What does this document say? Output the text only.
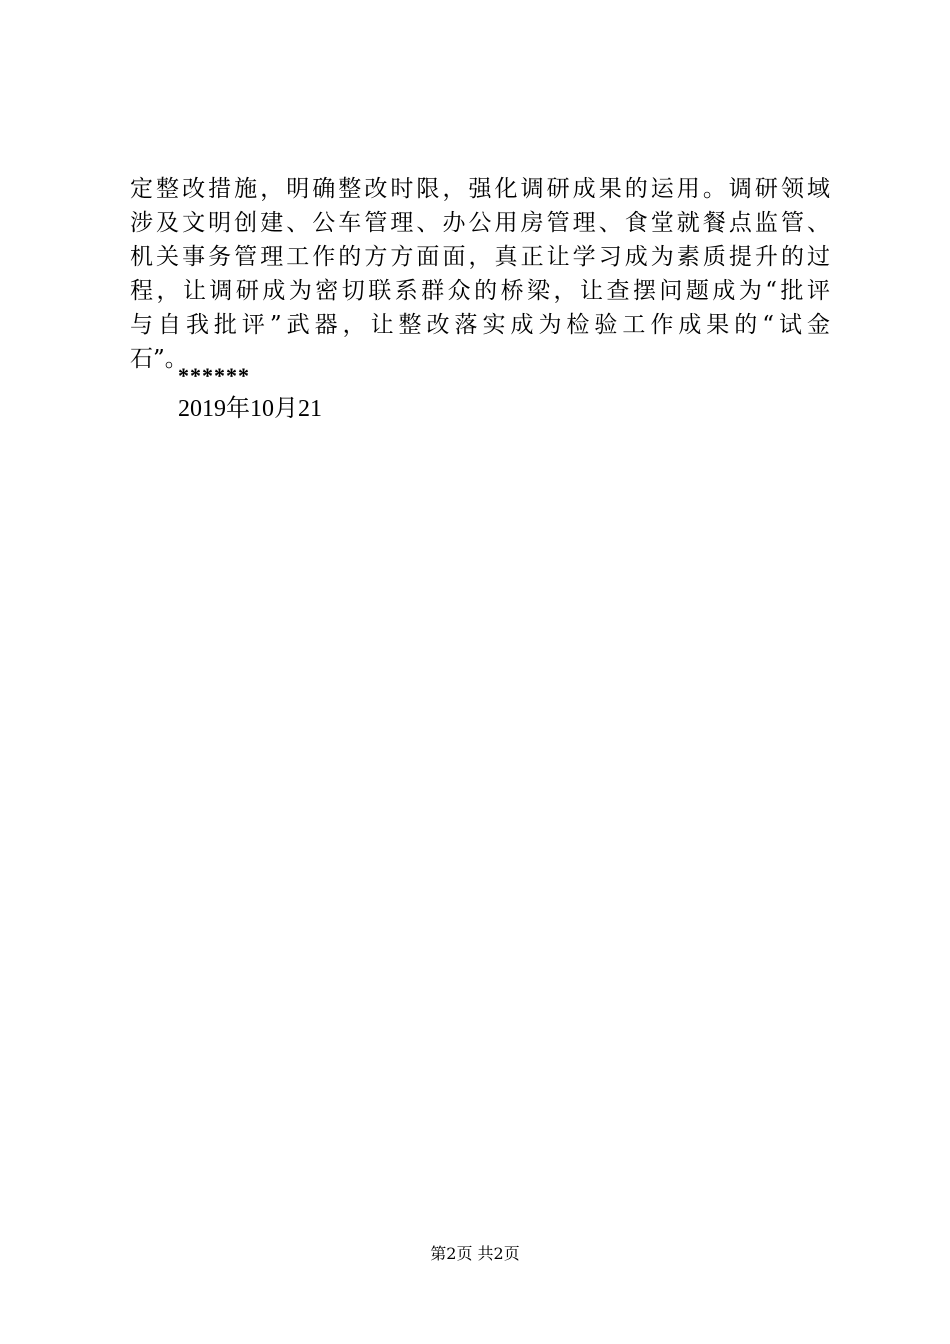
定整改措施，明确整改时限，强化调研成果的运用。调研领域
涉及文明创建、公车管理、办公用房管理、食堂就餐点监管、
机关事务管理工作的方方面面，真正让学习成为素质提升的过
程，让调研成为密切联系群众的桥梁，让查摆问题成为“批评
与自我批评”武器，让整改落实成为检验工作成果的“试金
石”。
******
2019年10月21
第2页 共2页
